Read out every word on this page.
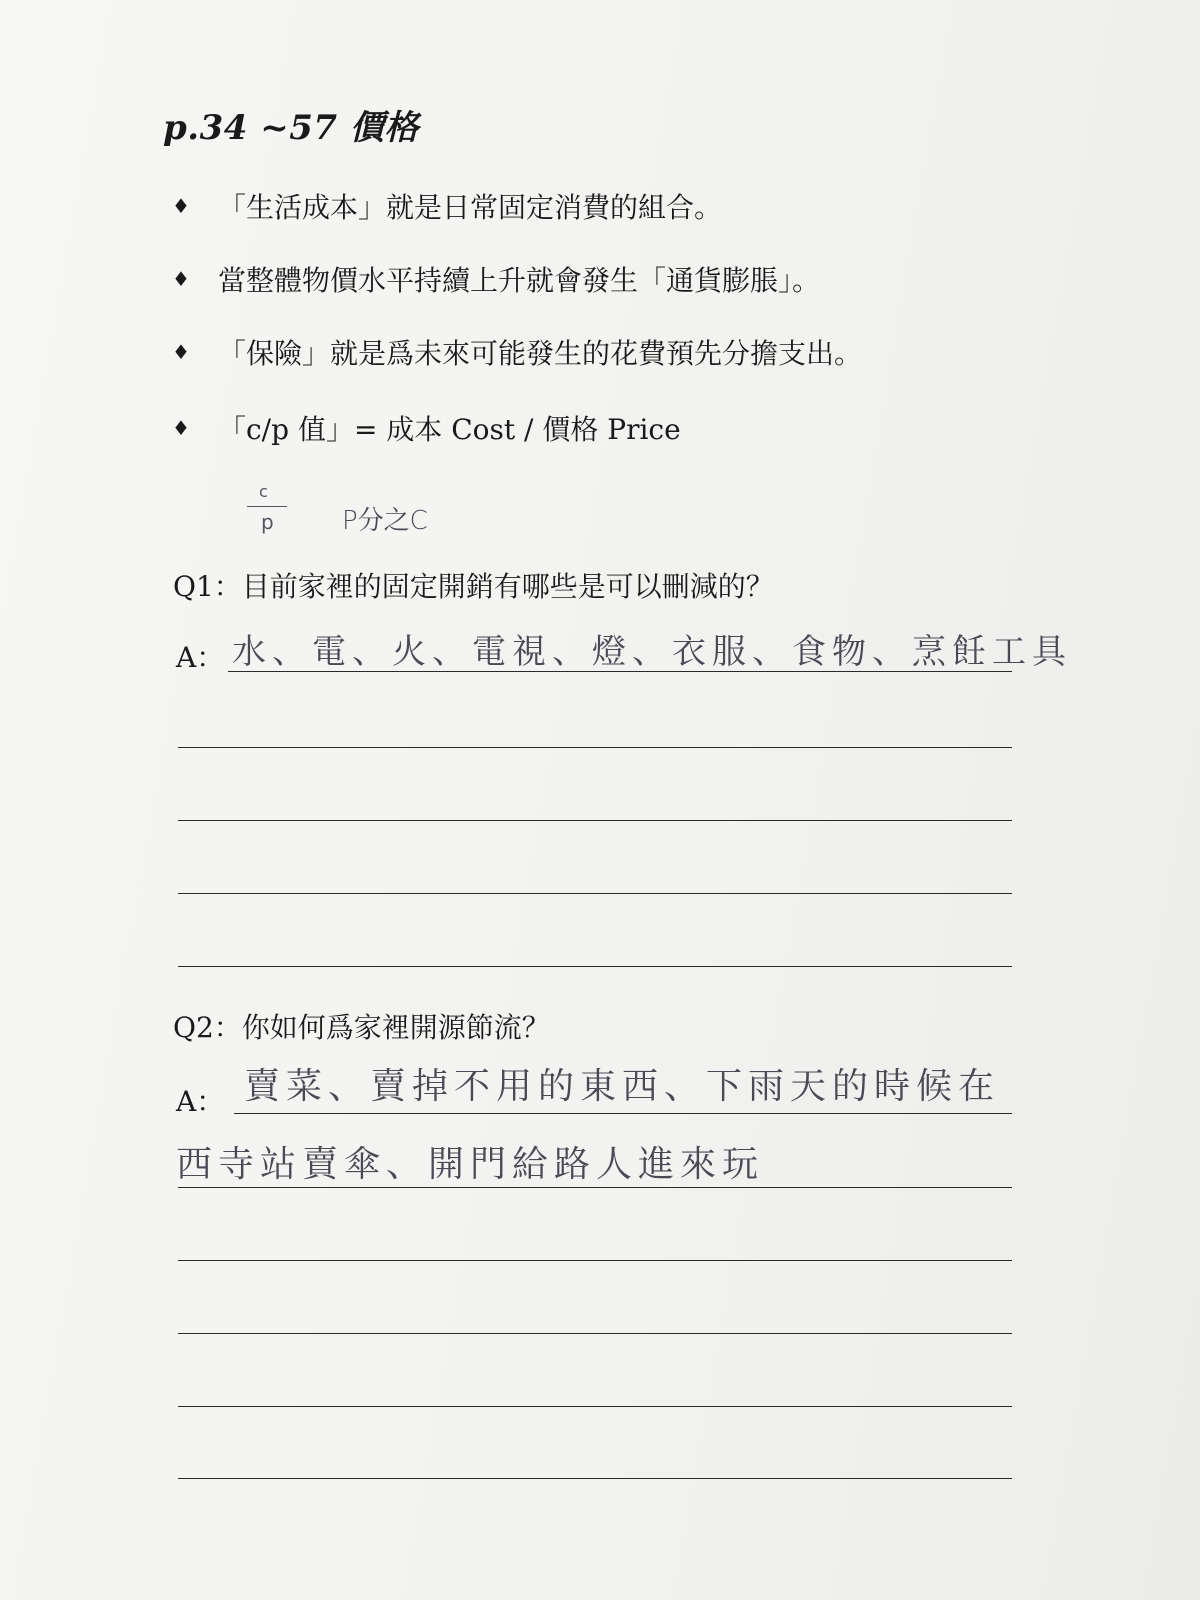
p.34 ~57 價格
♦	「生活成本」就是日常固定消費的組合。
♦	當整體物價水平持續上升就會發生「通貨膨脹」。
♦	「保險」就是爲未來可能發生的花費預先分擔支出。
♦	「c/p 值」= 成本 Cost / 價格 Price
c
p	P分之C
Q1：目前家裡的固定開銷有哪些是可以刪減的？
A： 水、電、火、電視、燈、衣服、食物、烹飪工具
Q2：你如何爲家裡開源節流？
A： 賣菜、賣掉不用的東西、下雨天的時候在
西寺站賣傘、開門給路人進來玩
